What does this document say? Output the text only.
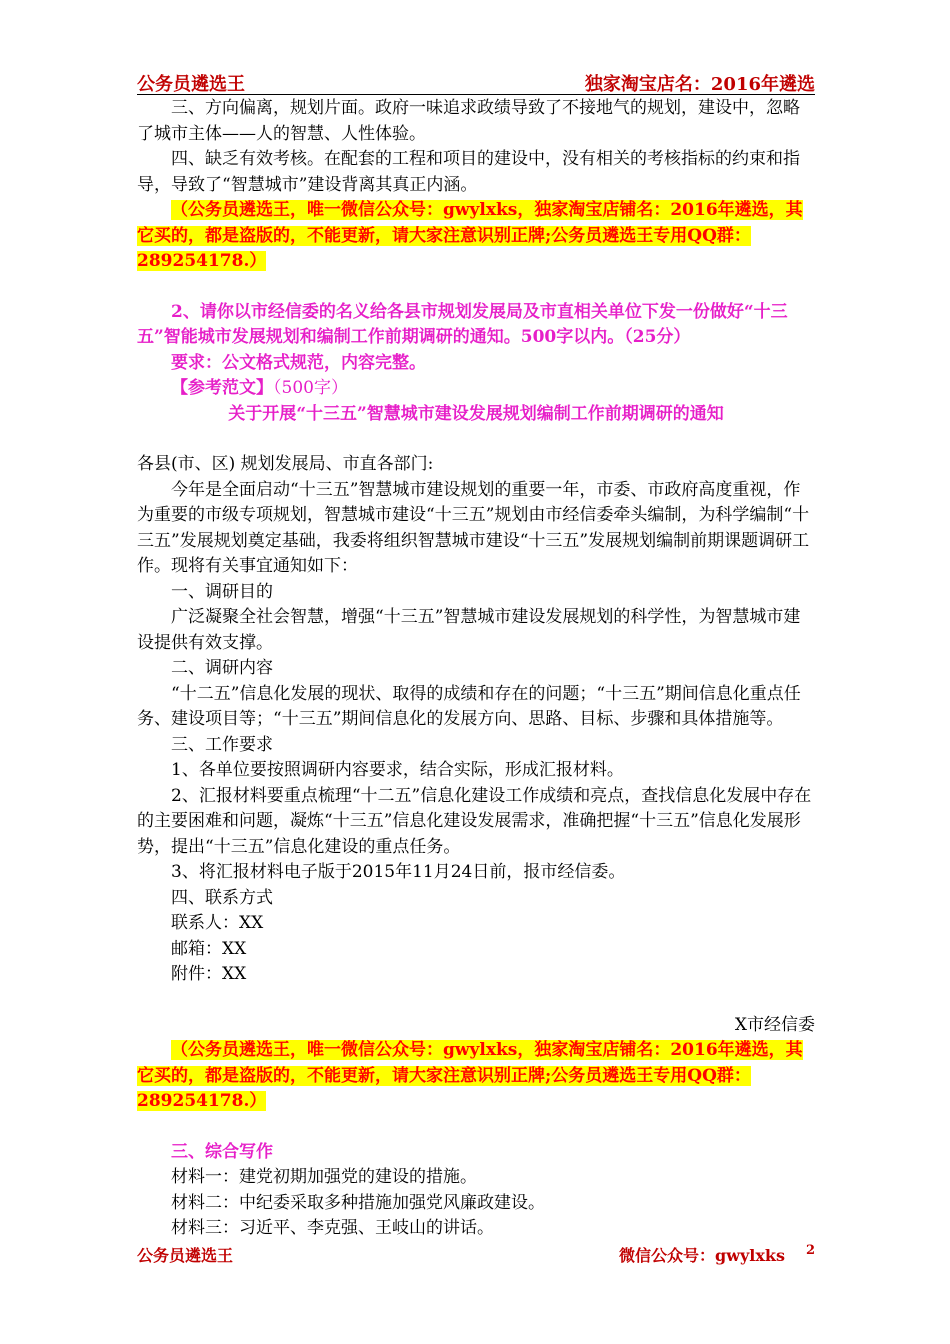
公务员遴选王	独家淘宝店名：2016年遴选

三、方向偏离，规划片面。政府一味追求政绩导致了不接地气的规划，建设中，忽略了城市主体——人的智慧、人性体验。

四、缺乏有效考核。在配套的工程和项目的建设中，没有相关的考核指标的约束和指导，导致了“智慧城市”建设背离其真正内涵。

（公务员遴选王，唯一微信公众号：gwylxks，独家淘宝店铺名：2016年遴选，其它买的，都是盗版的，不能更新，请大家注意识别正牌;公务员遴选王专用QQ群：289254178.）

2、请你以市经信委的名义给各县市规划发展局及市直相关单位下发一份做好“十三五”智能城市发展规划和编制工作前期调研的通知。500字以内。（25分）

要求：公文格式规范，内容完整。

【参考范文】（500字）

关于开展“十三五”智慧城市建设发展规划编制工作前期调研的通知

各县(市、区) 规划发展局、市直各部门:

今年是全面启动“十三五”智慧城市建设规划的重要一年，市委、市政府高度重视，作为重要的市级专项规划，智慧城市建设“十三五”规划由市经信委牵头编制，为科学编制“十三五”发展规划奠定基础，我委将组织智慧城市建设“十三五”发展规划编制前期课题调研工作。现将有关事宜通知如下：

一、调研目的

广泛凝聚全社会智慧，增强“十三五”智慧城市建设发展规划的科学性，为智慧城市建设提供有效支撑。

二、调研内容

“十二五”信息化发展的现状、取得的成绩和存在的问题；“十三五”期间信息化重点任务、建设项目等；“十三五”期间信息化的发展方向、思路、目标、步骤和具体措施等。

三、工作要求

1、各单位要按照调研内容要求，结合实际，形成汇报材料。

2、汇报材料要重点梳理“十二五”信息化建设工作成绩和亮点，查找信息化发展中存在的主要困难和问题，凝炼“十三五”信息化建设发展需求，准确把握“十三五”信息化发展形势，提出“十三五”信息化建设的重点任务。

3、将汇报材料电子版于2015年11月24日前，报市经信委。

四、联系方式

联系人：XX

邮箱：XX

附件：XX

X市经信委

（公务员遴选王，唯一微信公众号：gwylxks，独家淘宝店铺名：2016年遴选，其它买的，都是盗版的，不能更新，请大家注意识别正牌;公务员遴选王专用QQ群：289254178.）

三、综合写作

材料一：建党初期加强党的建设的措施。

材料二：中纪委采取多种措施加强党风廉政建设。

材料三：习近平、李克强、王岐山的讲话。

公务员遴选王	微信公众号：gwylxks 2
